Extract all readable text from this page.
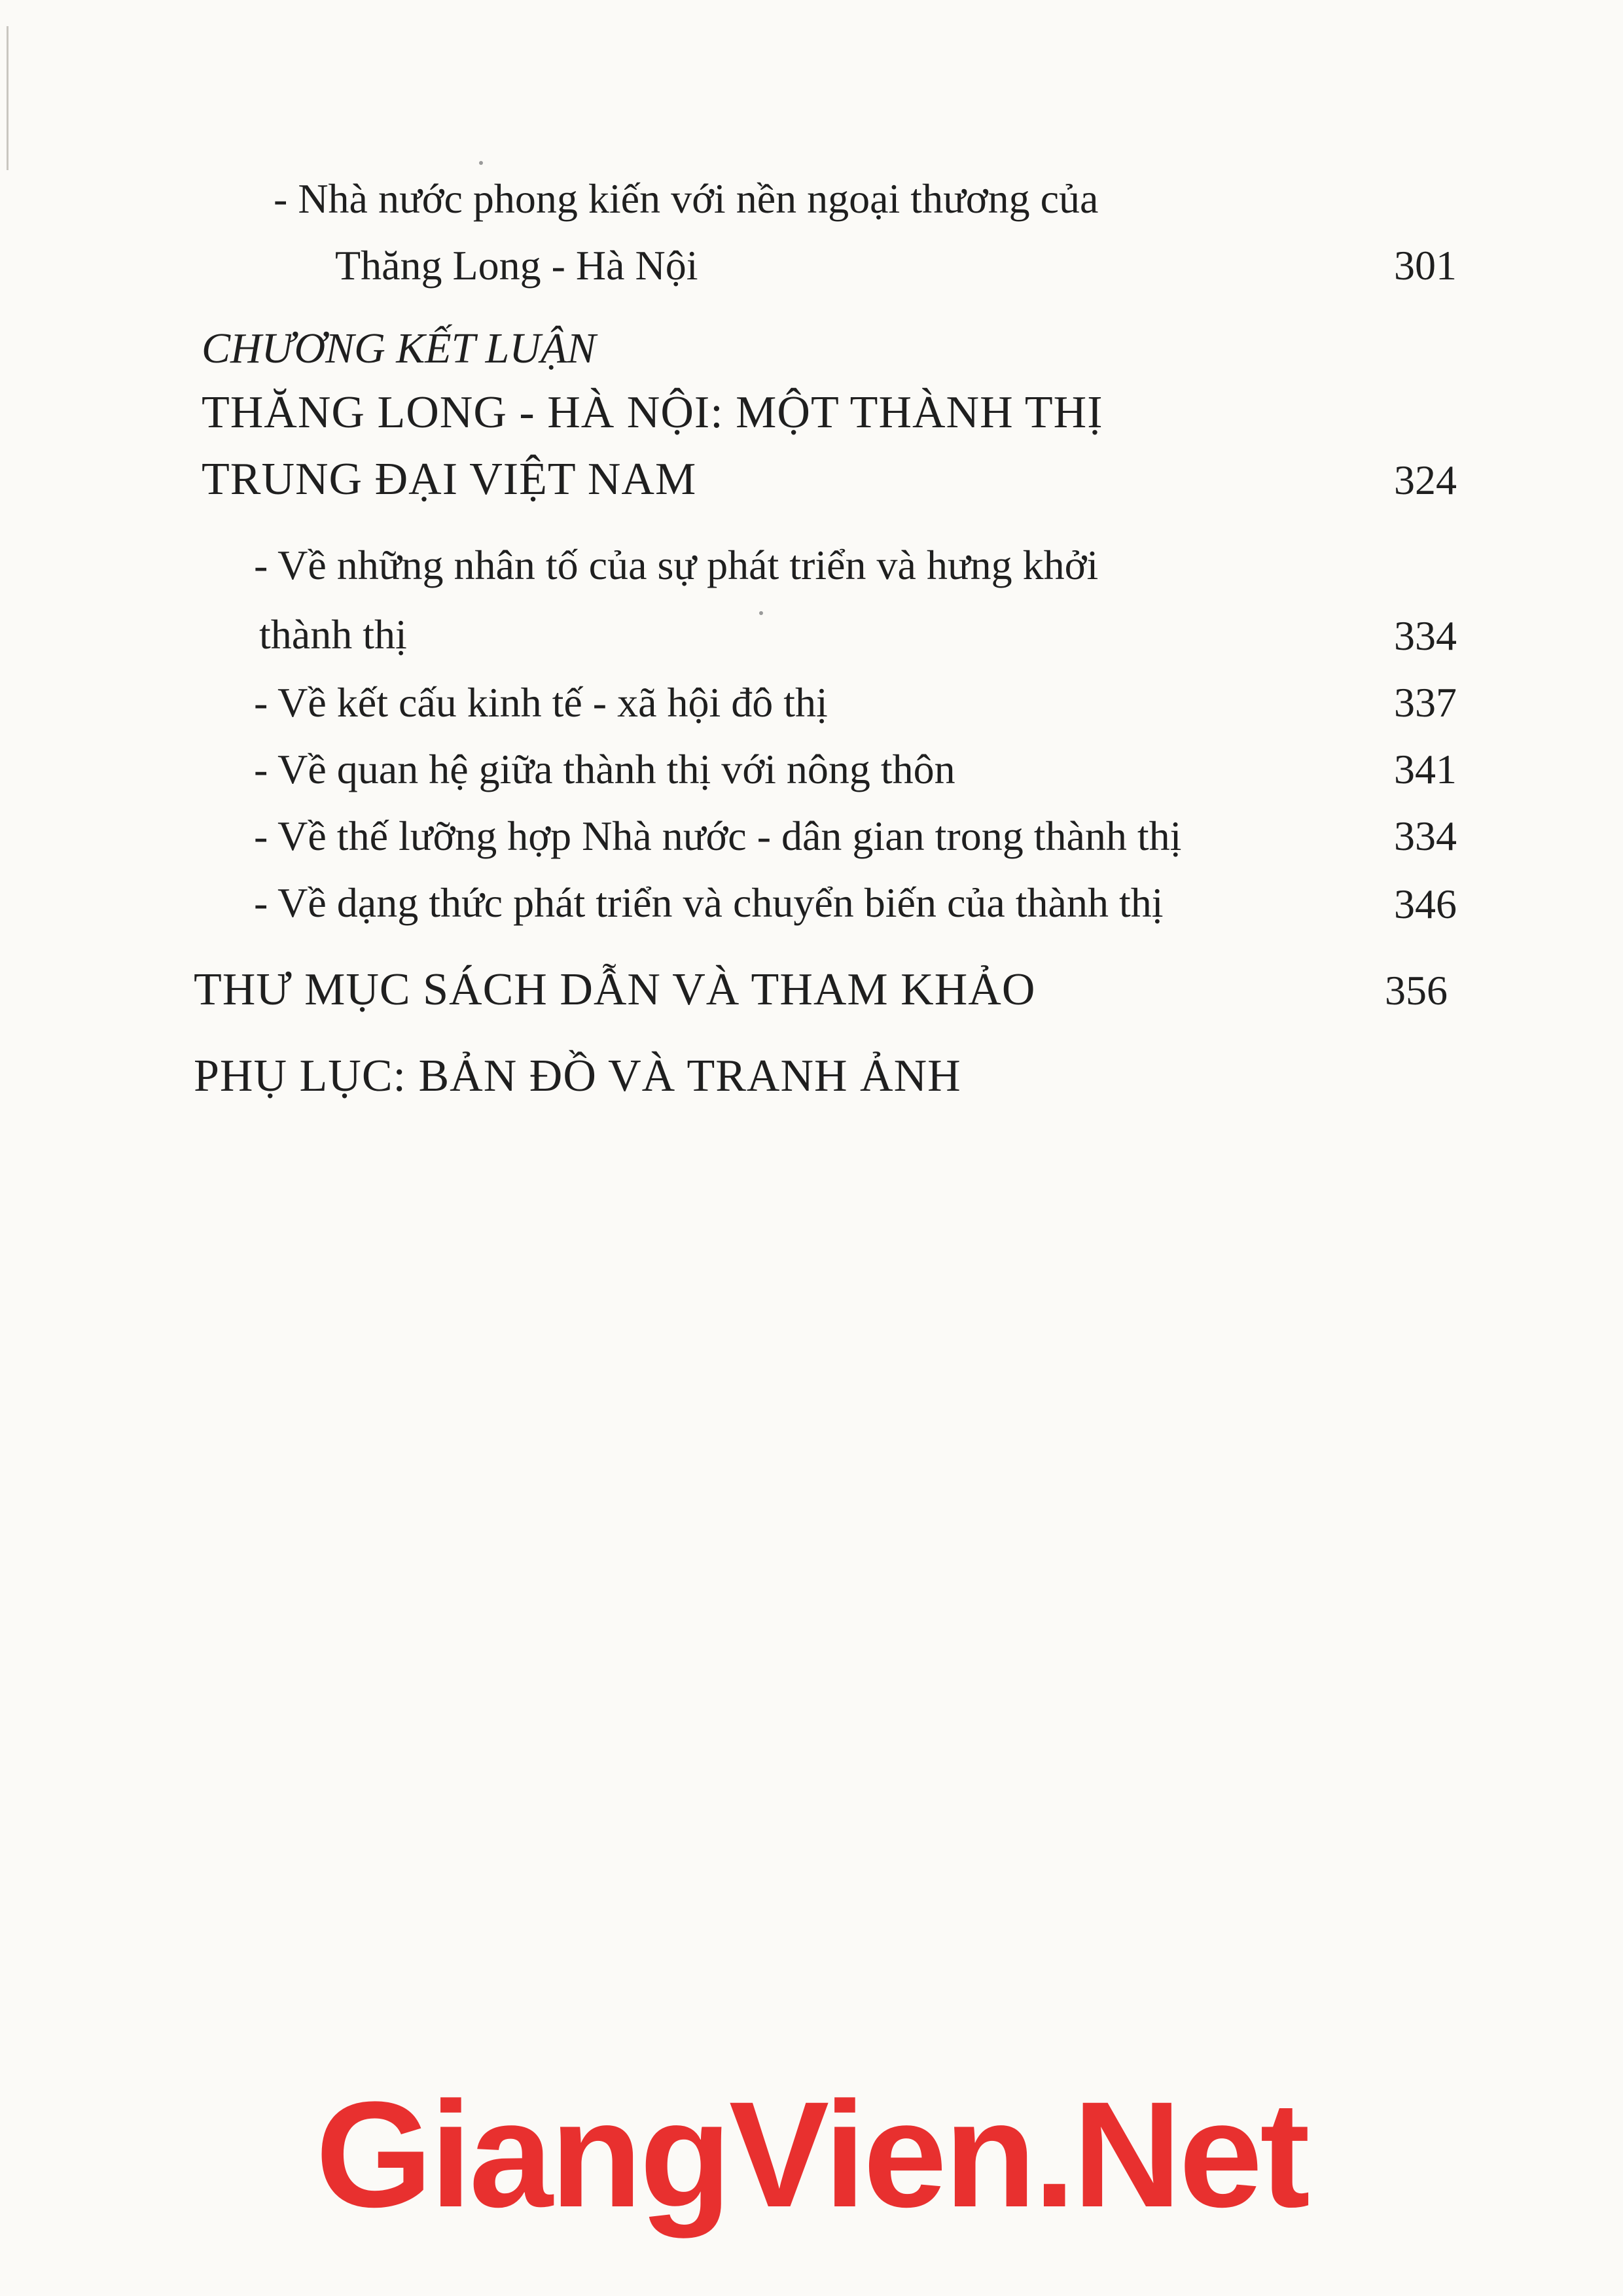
- Nhà nước phong kiến với nền ngoại thương của
Thăng Long - Hà Nội	301
CHƯƠNG KẾT LUẬN
THĂNG LONG - HÀ NỘI: MỘT THÀNH THỊ
TRUNG ĐẠI VIỆT NAM	324
- Về những nhân tố của sự phát triển và hưng khởi
thành thị	334
- Về kết cấu kinh tế - xã hội đô thị	337
- Về quan hệ giữa thành thị với nông thôn	341
- Về thế lưỡng hợp Nhà nước - dân gian trong thành thị	334
- Về dạng thức phát triển và chuyển biến của thành thị	346
THƯ MỤC SÁCH DẪN VÀ THAM KHẢO	356
PHỤ LỤC: BẢN ĐỒ VÀ TRANH ẢNH
GiangVien.Net
